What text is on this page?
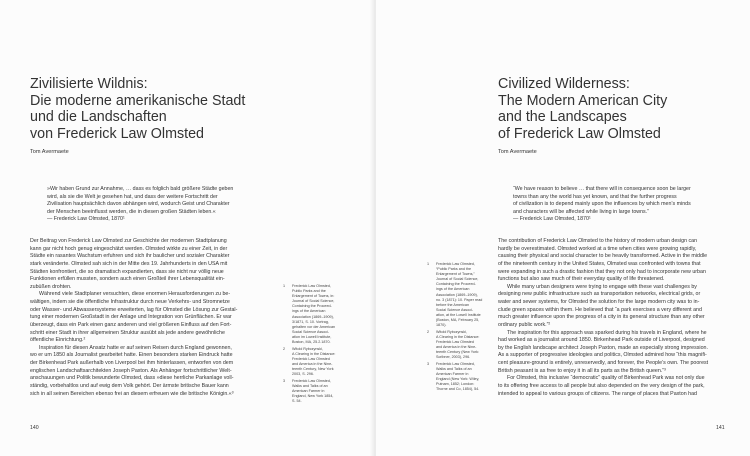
Zivilisierte Wildnis:
Die moderne amerikanische Stadt
und die Landschaften
von Frederick Law Olmsted
Tom Avermaete
»Wir haben Grund zur Annahme, … dass es folglich bald größere Städte geben
wird, als sie die Welt je gesehen hat, und dass der weitere Fortschritt der
Zivilisation hauptsächlich davon abhängen wird, wodurch Geist und Charakter
der Menschen beeinflusst werden, die in diesen großen Städten leben.«
— Frederick Law Olmsted, 1870¹
Der Beitrag von Frederick Law Olmsted zur Geschichte der modernen Stadtplanung
kann gar nicht hoch genug eingeschätzt werden. Olmsted wirkte zu einer Zeit, in der
Städte ein rasantes Wachstum erfuhren und sich ihr baulicher und sozialer Charakter
stark veränderte. Olmsted sah sich in der Mitte des 19. Jahrhunderts in den USA mit
Städten konfrontiert, die so dramatisch expandierten, dass sie nicht nur völlig neue
Funktionen erfüllen mussten, sondern auch einen Großteil ihrer Lebensqualität ein-
zubüßen drohten.
Während viele Stadtplaner versuchten, diese enormen Herausforderungen zu be-
wältigen, indem sie die öffentliche Infrastruktur durch neue Verkehrs- und Stromnetze
oder Wasser- und Abwassersysteme erweiterten, lag für Olmsted die Lösung zur Gestal-
tung einer modernen Großstadt in der Anlage und Integration von Grünflächen. Er war
überzeugt, dass ein Park einen ganz anderen und viel größeren Einfluss auf den Fort-
schritt einer Stadt in ihrer allgemeinen Struktur ausübt als jede andere gewöhnliche
öffentliche Einrichtung.²
Inspiration für diesen Ansatz hatte er auf seinen Reisen durch England gewonnen,
wo er um 1850 als Journalist gearbeitet hatte. Einen besonders starken Eindruck hatte
der Birkenhead Park außerhalb von Liverpool bei ihm hinterlassen, entworfen von dem
englischen Landschaftsarchitekten Joseph Paxton. Als Anhänger fortschrittlicher Welt-
anschauungen und Politik bewunderte Olmsted, dass »diese herrliche Parkanlage voll-
ständig, vorbehaltlos und auf ewig dem Volk gehört. Der ärmste britische Bauer kann
sich in all seinen Bereichen ebenso frei an diesem erfreuen wie die britische Königin.«³
1 Frederick Law Olmsted,
Public Parks and the
Enlargement of Towns, in:
Journal of Social Science,
Containing the Proceed-
ings of the American
Association (1869–1909),
3/1871, S. 10. Vortrag,
gehalten vor der American
Social Science Associ-
ation im Lowell Institute,
Boston, MA, 25.2.1870.
2 Witold Rybczynski,
A Clearing in the Distance:
Frederick Law Olmsted
and America in the Nine-
teenth Century, New York
2003, S. 296.
3 Frederick Law Olmsted,
Walks and Talks of an
American Farmer in
England, New York 1854,
S. 54.
140
Civilized Wilderness:
The Modern American City
and the Landscapes
of Frederick Law Olmsted
Tom Avermaete
“We have reason to believe … that there will in consequence soon be larger
towns than any the world has yet known, and that the further progress
of civilization is to depend mainly upon the influences by which men’s minds
and characters will be affected while living in large towns.”
— Frederick Law Olmsted, 1870¹
The contribution of Frederick Law Olmsted to the history of modern urban design can
hardly be overestimated. Olmsted worked at a time when cities were growing rapidly,
causing their physical and social character to be heavily transformed. Active in the middle
of the nineteenth century in the United States, Olmsted was confronted with towns that
were expanding in such a drastic fashion that they not only had to incorporate new urban
functions but also saw much of their everyday quality of life threatened.
While many urban designers were trying to engage with these vast challenges by
designing new public infrastructure such as transportation networks, electrical grids, or
water and sewer systems, for Olmsted the solution for the large modern city was to in-
clude green spaces within them. He believed that “a park exercises a very different and
much greater influence upon the progress of a city in its general structure than any other
ordinary public work.”²
The inspiration for this approach was sparked during his travels in England, where he
had worked as a journalist around 1850. Birkenhead Park outside of Liverpool, designed
by the English landscape architect Joseph Paxton, made an especially strong impression.
As a supporter of progressive ideologies and politics, Olmsted admired how “this magnifi-
cent pleasure-ground is entirely, unreservedly, and forever, the People’s own. The poorest
British peasant is as free to enjoy it in all its parts as the British queen.”³
For Olmsted, this inclusive “democratic” quality of Birkenhead Park was not only due
to its offering free access to all people but also depended on the very design of the park,
intended to appeal to various groups of citizens. The range of places that Paxton had
1 Frederick Law Olmsted,
“Public Parks and the
Enlargement of Towns,”
Journal of Social Science,
Containing the Proceed-
ings of the American
Association (1869–1909),
no. 3 (1871): 10. Paper read
before the American
Social Science Associ-
ation, at the Lowell Institute
(Boston, MA, February 25,
1870).
2 Witold Rybczynski,
A Clearing in the Distance:
Frederick Law Olmsted
and America in the Nine-
teenth Century (New York:
Scribner, 2003), 296.
3 Frederick Law Olmsted,
Walks and Talks of an
American Farmer in
England (New York: Wiley,
Putnam, 1852; London:
Thorne and Co, 1854), 54.
141
